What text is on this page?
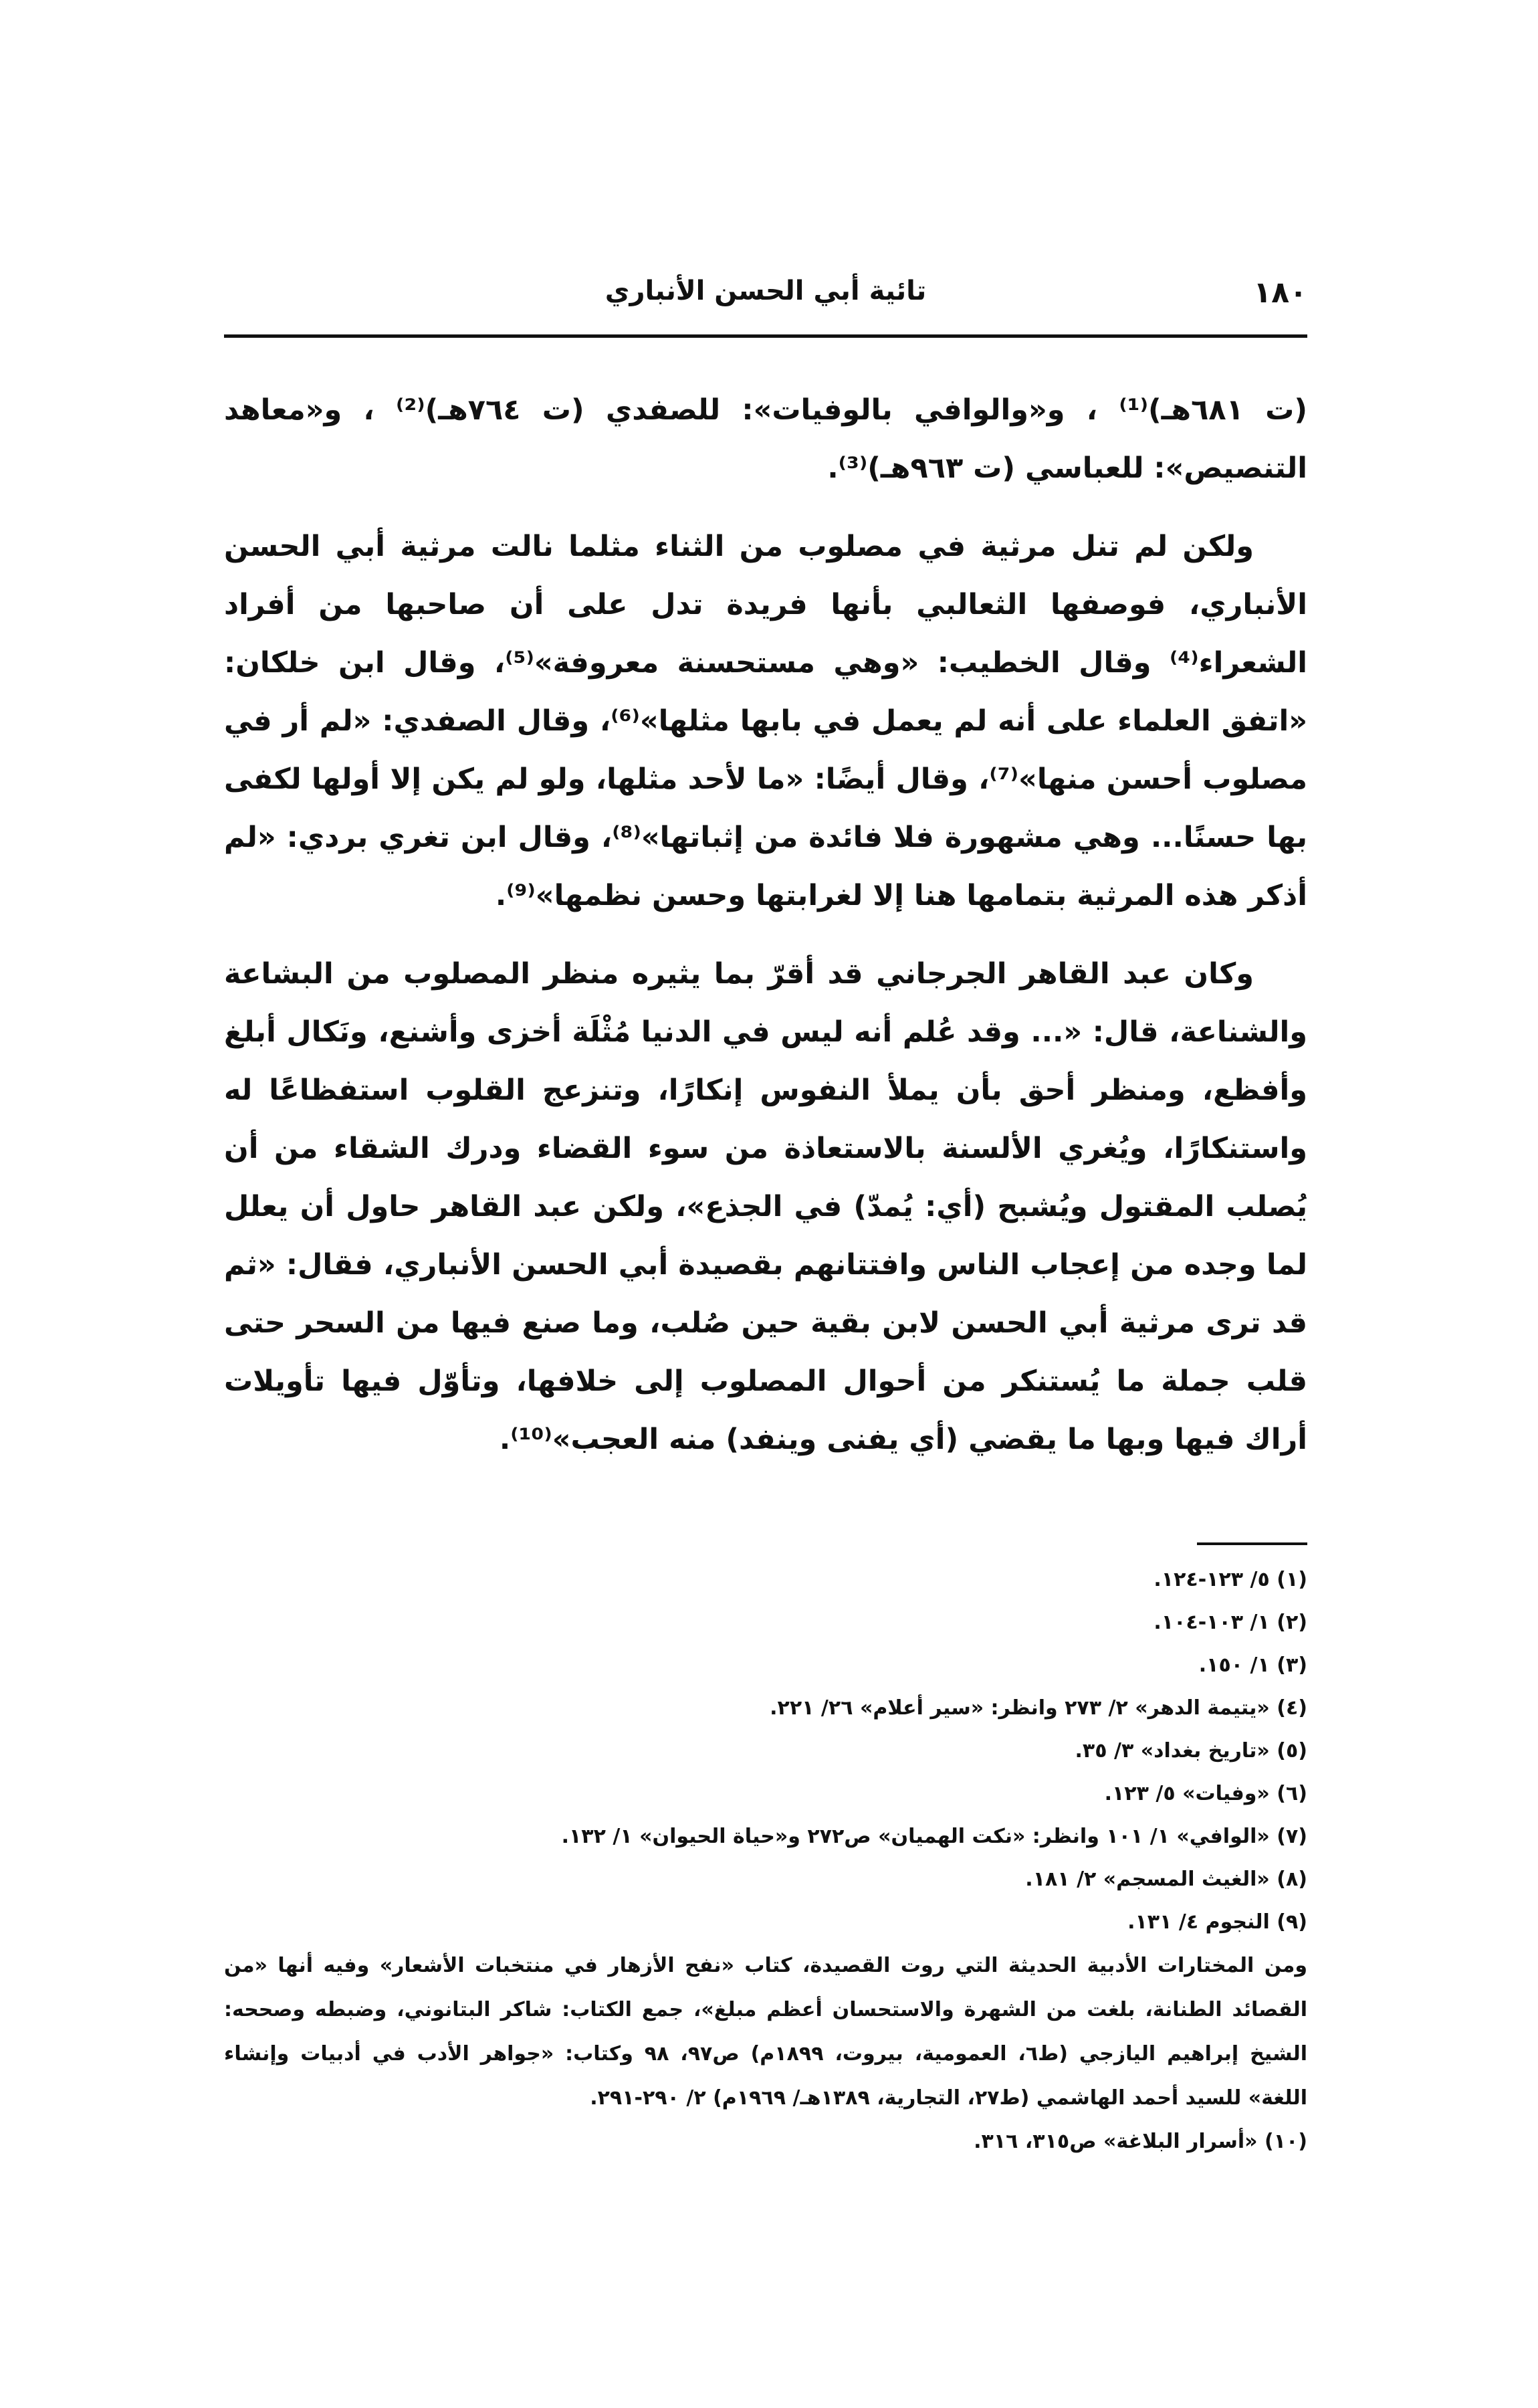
١٨٠
تائية أبي الحسن الأنباري

(ت ٦٨١هـ)⁽¹⁾ ، و«والوافي بالوفيات»: للصفدي (ت ٧٦٤هـ)⁽²⁾ ، و«معاهد التنصيص»: للعباسي (ت ٩٦٣هـ)⁽³⁾.

ولكن لم تنل مرثية في مصلوب من الثناء مثلما نالت مرثية أبي الحسن الأنباري، فوصفها الثعالبي بأنها فريدة تدل على أن صاحبها من أفراد الشعراء⁽⁴⁾ وقال الخطيب: «وهي مستحسنة معروفة»⁽⁵⁾، وقال ابن خلكان: «اتفق العلماء على أنه لم يعمل في بابها مثلها»⁽⁶⁾، وقال الصفدي: «لم أر في مصلوب أحسن منها»⁽⁷⁾، وقال أيضًا: «ما لأحد مثلها، ولو لم يكن إلا أولها لكفى بها حسنًا... وهي مشهورة فلا فائدة من إثباتها»⁽⁸⁾، وقال ابن تغري بردي: «لم أذكر هذه المرثية بتمامها هنا إلا لغرابتها وحسن نظمها»⁽⁹⁾.

وكان عبد القاهر الجرجاني قد أقرّ بما يثيره منظر المصلوب من البشاعة والشناعة، قال: «... وقد عُلم أنه ليس في الدنيا مُثْلَة أخزى وأشنع، ونَكال أبلغ وأفظع، ومنظر أحق بأن يملأ النفوس إنكارًا، وتنزعج القلوب استفظاعًا له واستنكارًا، ويُغري الألسنة بالاستعاذة من سوء القضاء ودرك الشقاء من أن يُصلب المقتول ويُشبح (أي: يُمدّ) في الجذع»، ولكن عبد القاهر حاول أن يعلل لما وجده من إعجاب الناس وافتتانهم بقصيدة أبي الحسن الأنباري، فقال: «ثم قد ترى مرثية أبي الحسن لابن بقية حين صُلب، وما صنع فيها من السحر حتى قلب جملة ما يُستنكر من أحوال المصلوب إلى خلافها، وتأوّل فيها تأويلات أراك فيها وبها ما يقضي (أي يفنى وينفد) منه العجب»⁽¹⁰⁾.

(١) ٥/ ١٢٣-١٢٤.

(٢) ١/ ١٠٣-١٠٤.

(٣) ١/ ١٥٠.

(٤) «يتيمة الدهر» ٢/ ٢٧٣ وانظر: «سير أعلام» ٢٦/ ٢٢١.

(٥) «تاريخ بغداد» ٣/ ٣٥.

(٦) «وفيات» ٥/ ١٢٣.

(٧) «الوافي» ١/ ١٠١ وانظر: «نكت الهميان» ص٢٧٢ و«حياة الحيوان» ١/ ١٣٢.

(٨) «الغيث المسجم» ٢/ ١٨١.

(٩) النجوم ٤/ ١٣١.

ومن المختارات الأدبية الحديثة التي روت القصيدة، كتاب «نفح الأزهار في منتخبات الأشعار» وفيه أنها «من القصائد الطنانة، بلغت من الشهرة والاستحسان أعظم مبلغ»، جمع الكتاب: شاكر البتانوني، وضبطه وصححه: الشيخ إبراهيم اليازجي (ط٦، العمومية، بيروت، ١٨٩٩م) ص٩٧، ٩٨ وكتاب: «جواهر الأدب في أدبيات وإنشاء اللغة» للسيد أحمد الهاشمي (ط٢٧، التجارية، ١٣٨٩هـ/ ١٩٦٩م) ٢/ ٢٩٠-٢٩١.

(١٠) «أسرار البلاغة» ص٣١٥، ٣١٦.
